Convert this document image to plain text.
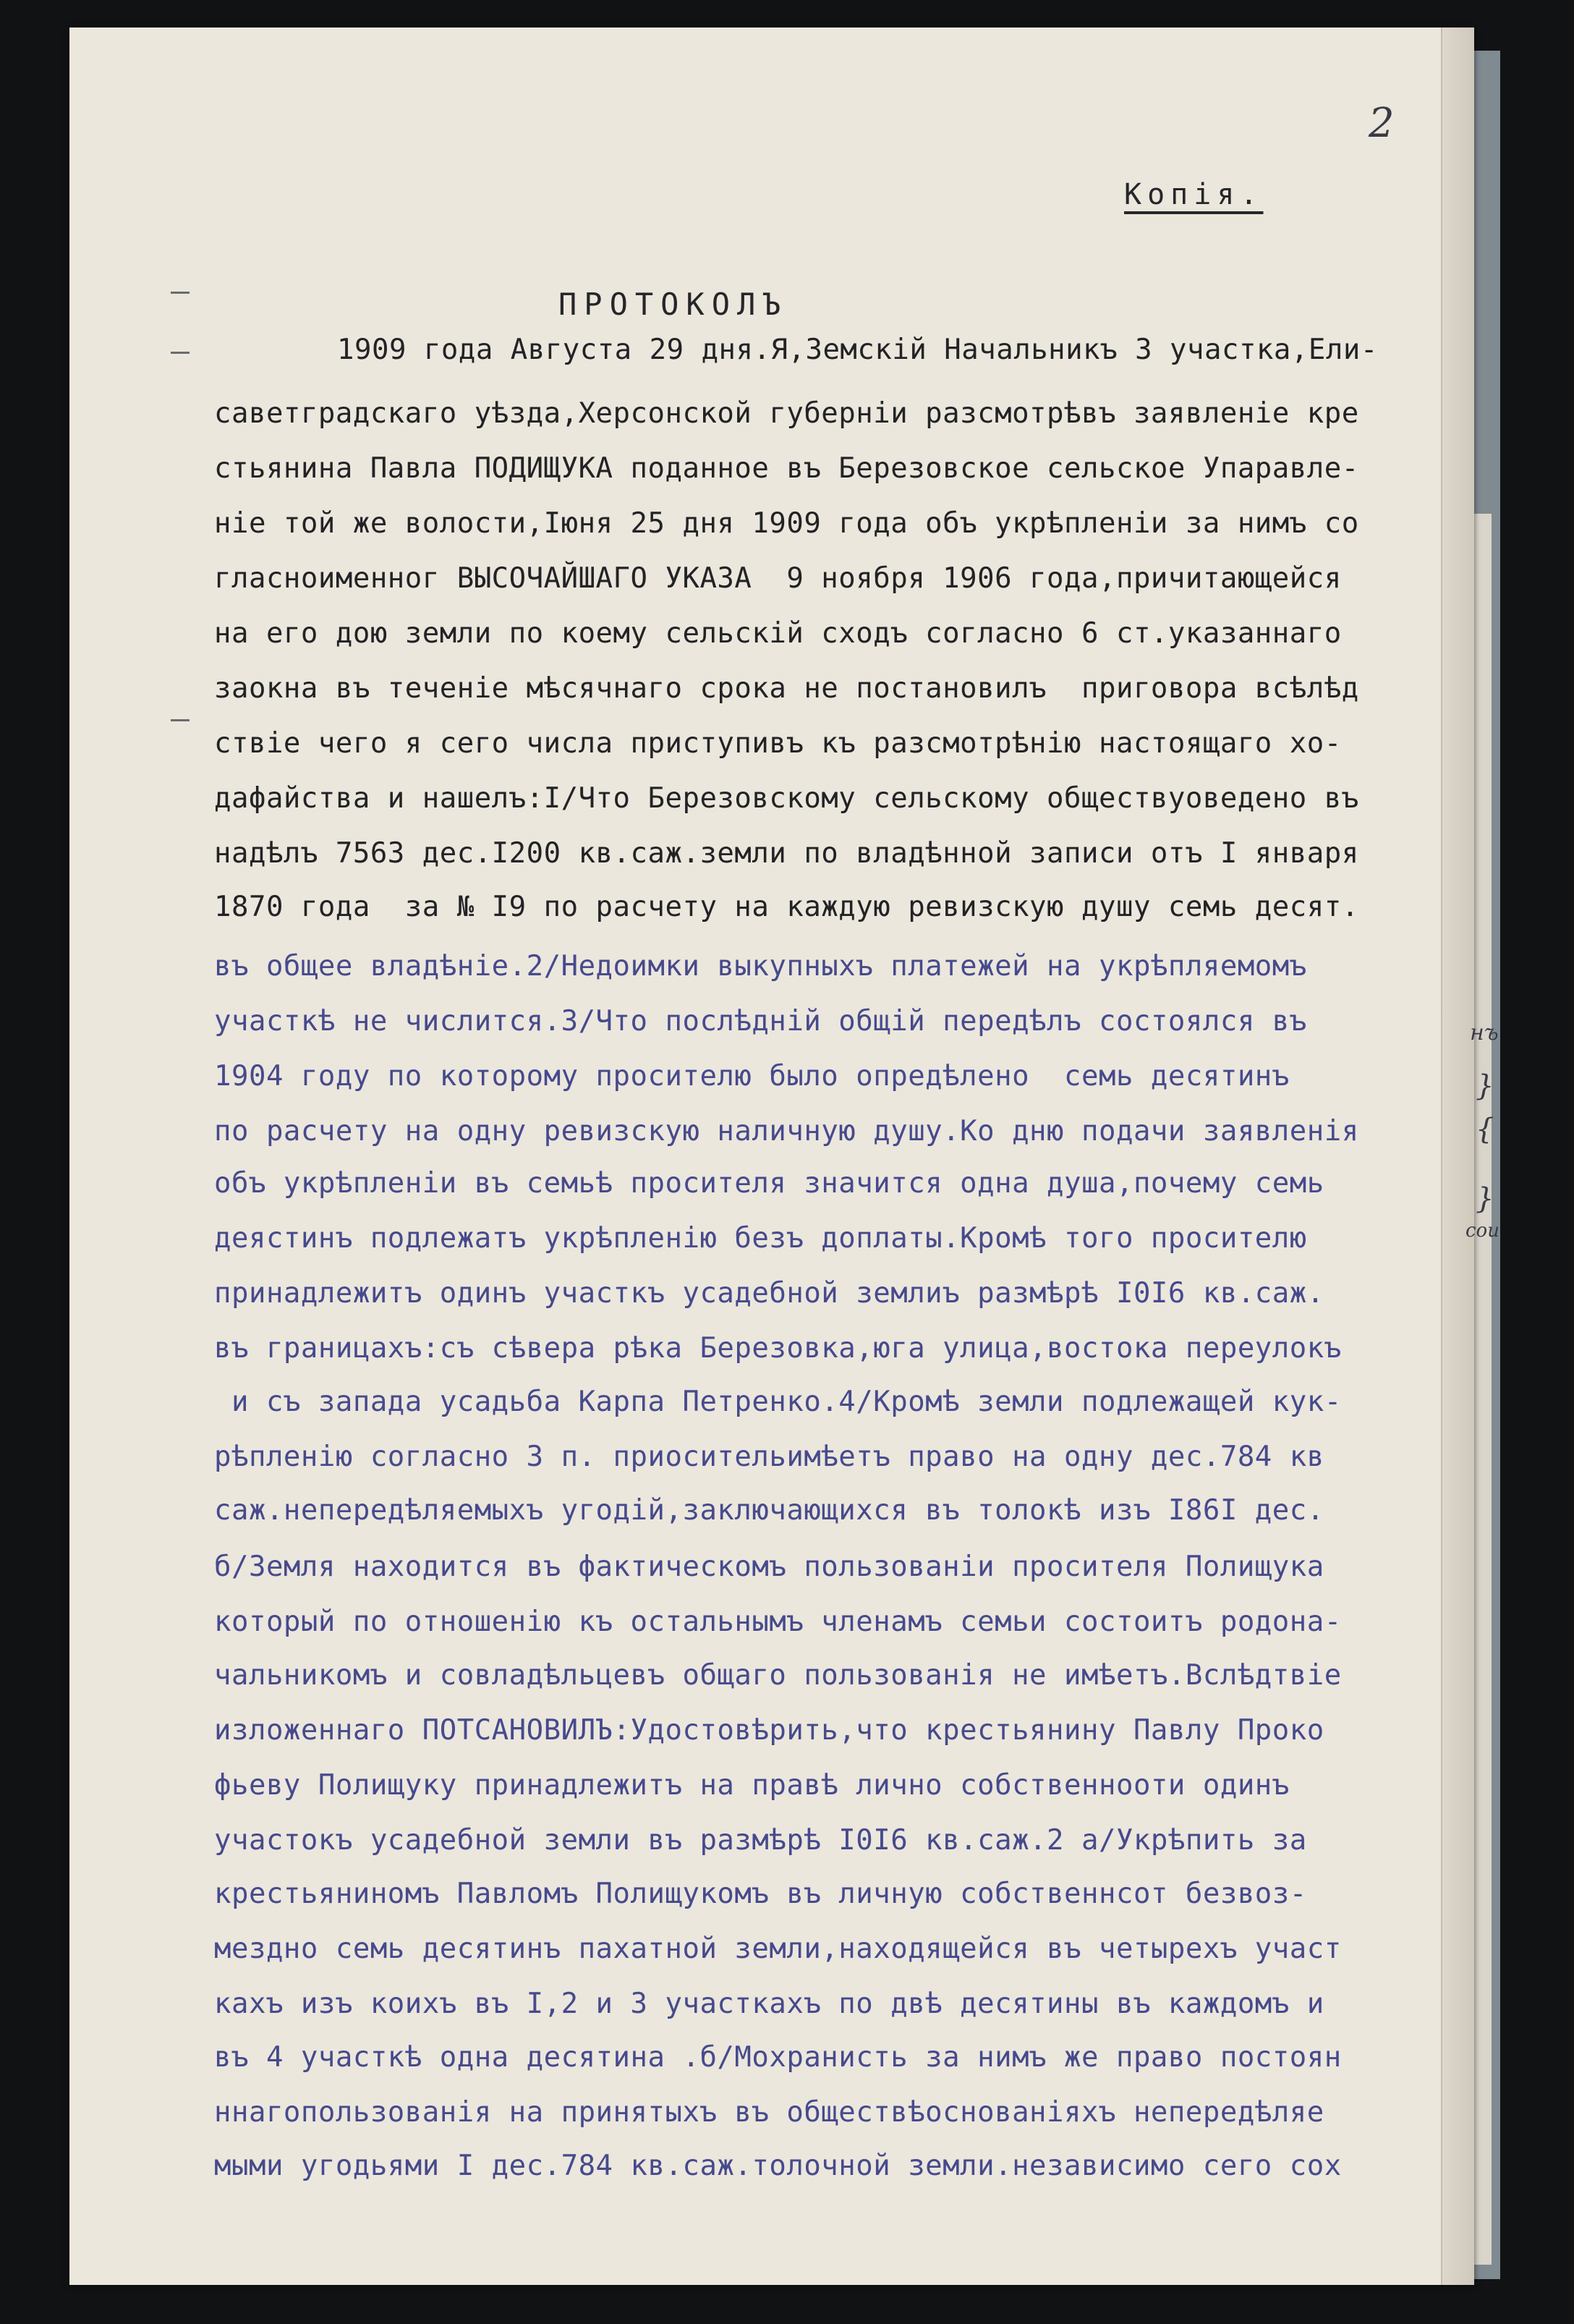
2
Копія.
ПРОТОКОЛЪ
1909 года Августа 29 дня.Я,Земскій Начальникъ 3 участка,Ели-
саветградскаго уѣзда,Херсонской губерніи разсмотрѣвъ заявленіе кре
стьянина Павла ПОДИЩУКА поданное въ Березовское сельское Упаравле-
ніе той же волости,Іюня 25 дня 1909 года объ укрѣпленіи за нимъ со
гласноименног ВЫСОЧАЙШАГО УКАЗА  9 ноября 1906 года,причитающейся
на его дою земли по коему сельскій сходъ согласно 6 ст.указаннаго
заокна въ теченіе мѣсячнаго срока не постановилъ  приговора всѣлѣд
ствіе чего я сего числа приступивъ къ разсмотрѣнію настоящаго хо-
дафайства и нашелъ:І/Что Березовскому сельскому обществуоведено въ
надѣлъ 7563 дес.І200 кв.саж.земли по владѣнной записи отъ І января
1870 года  за № І9 по расчету на каждую ревизскую душу семь десят.
въ общее владѣніе.2/Недоимки выкупныхъ платежей на укрѣпляемомъ
участкѣ не числится.3/Что послѣдній общій передѣлъ состоялся въ
1904 году по которому просителю было опредѣлено  семь десятинъ
по расчету на одну ревизскую наличную душу.Ко дню подачи заявленія
объ укрѣпленіи въ семьѣ просителя значится одна душа,почему семь
деястинъ подлежатъ укрѣпленію безъ доплаты.Кромѣ того просителю
принадлежитъ одинъ участкъ усадебной землиъ размѣрѣ І0І6 кв.саж.
въ границахъ:съ сѣвера рѣка Березовка,юга улица,востока переулокъ
и съ запада усадьба Карпа Петренко.4/Кромѣ земли подлежащей кук-
рѣпленію согласно 3 п. приосительимѣетъ право на одну дес.784 кв
саж.непередѣляемыхъ угодій,заключающихся въ толокѣ изъ І86І дес.
б/Земля находится въ фактическомъ пользованіи просителя Полищука
который по отношенію къ остальнымъ членамъ семьи состоитъ родона-
чальникомъ и совладѣльцевъ общаго пользованія не имѣетъ.Вслѣдтвіе
изложеннаго ПОТСАНОВИЛЪ:Удостовѣрить,что крестьянину Павлу Проко
фьеву Полищуку принадлежитъ на правѣ лично собственнооти одинъ
участокъ усадебной земли въ размѣрѣ І0І6 кв.саж.2 а/Укрѣпить за
крестьяниномъ Павломъ Полищукомъ въ личную собственнсот безвоз-
мездно семь десятинъ пахатной земли,находящейся въ четырехъ участ
кахъ изъ коихъ въ І,2 и 3 участкахъ по двѣ десятины въ каждомъ и
въ 4 участкѣ одна десятина .б/Мохранисть за нимъ же право постоян
ннагопользованія на принятыхъ въ обществѣоснованіяхъ непередѣляе
мыми угодьями І дес.784 кв.саж.толочной земли.независимо сего сох
нъ
}
{
}
сои
